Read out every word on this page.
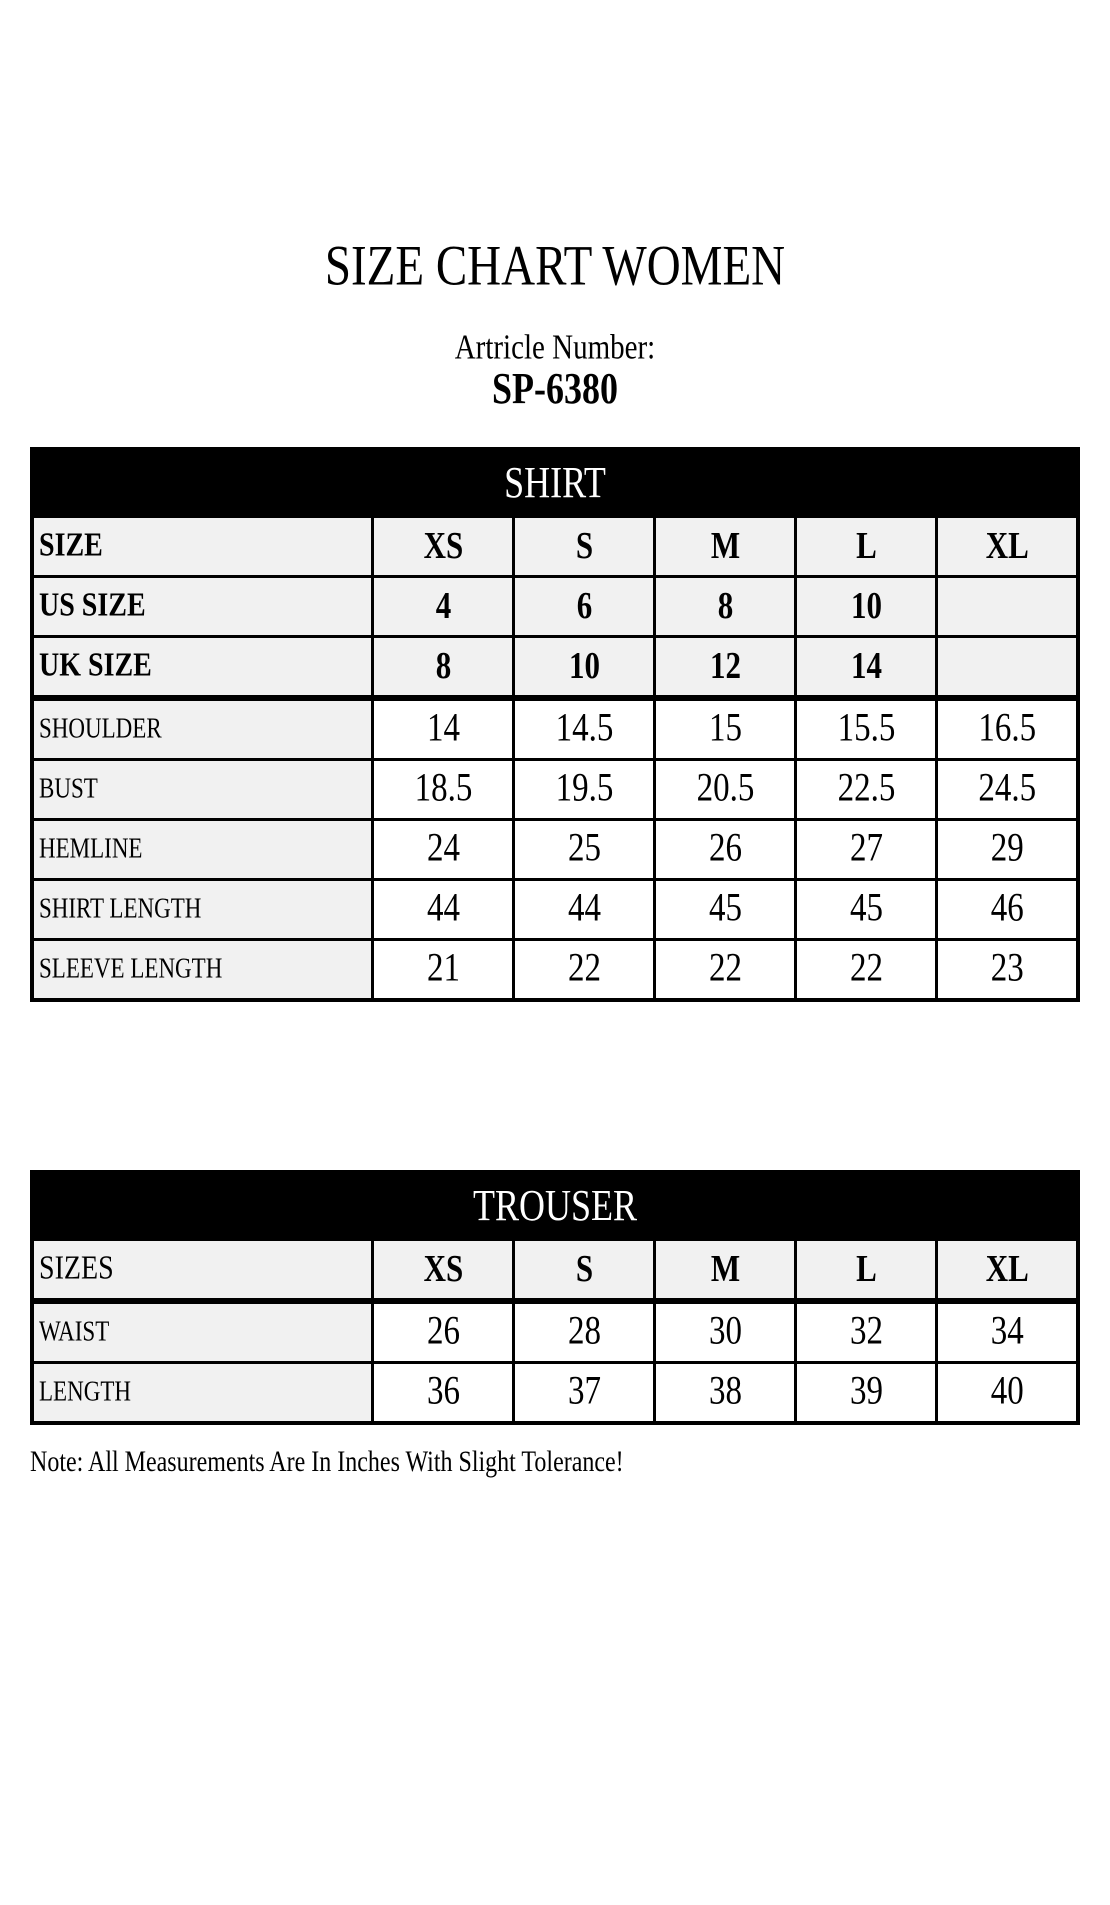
SIZE CHART WOMEN
Artricle Number:
SP-6380
SHIRT					
SIZE	XS	S	M	L	XL
US SIZE	4	6	8	10	
UK SIZE	8	10	12	14	
SHOULDER	14	14.5	15	15.5	16.5
BUST	18.5	19.5	20.5	22.5	24.5
HEMLINE	24	25	26	27	29
SHIRT LENGTH	44	44	45	45	46
SLEEVE LENGTH	21	22	22	22	23
TROUSER					
SIZES	XS	S	M	L	XL
WAIST	26	28	30	32	34
LENGTH	36	37	38	39	40
Note: All Measurements Are In Inches With Slight Tolerance!
